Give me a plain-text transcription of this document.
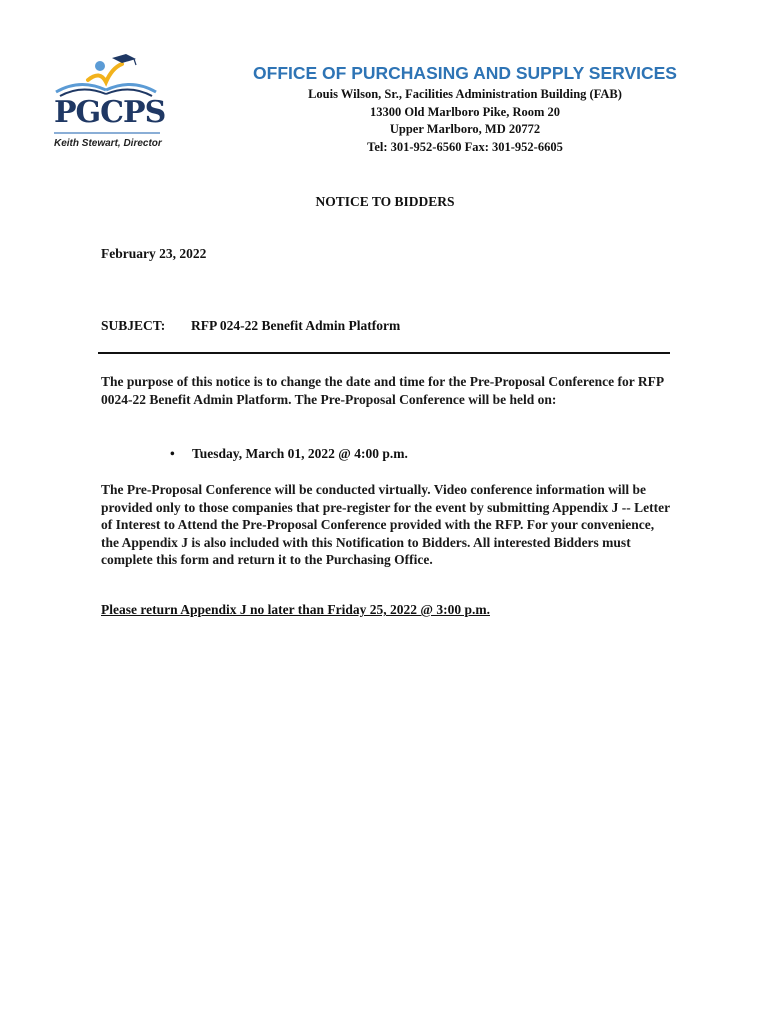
PGCPS
Keith Stewart, Director
OFFICE OF PURCHASING AND SUPPLY SERVICES
Louis Wilson, Sr., Facilities Administration Building (FAB)
13300 Old Marlboro Pike, Room 20
Upper Marlboro, MD 20772
Tel: 301-952-6560 Fax: 301-952-6605
NOTICE TO BIDDERS
February 23, 2022
SUBJECT: RFP 024-22 Benefit Admin Platform
The purpose of this notice is to change the date and time for the Pre-Proposal Conference for RFP 0024-22 Benefit Admin Platform. The Pre-Proposal Conference will be held on:
• Tuesday, March 01, 2022 @ 4:00 p.m.
The Pre-Proposal Conference will be conducted virtually. Video conference information will be provided only to those companies that pre-register for the event by submitting Appendix J -- Letter of Interest to Attend the Pre-Proposal Conference provided with the RFP. For your convenience, the Appendix J is also included with this Notification to Bidders. All interested Bidders must complete this form and return it to the Purchasing Office.
Please return Appendix J no later than Friday 25, 2022 @ 3:00 p.m.
